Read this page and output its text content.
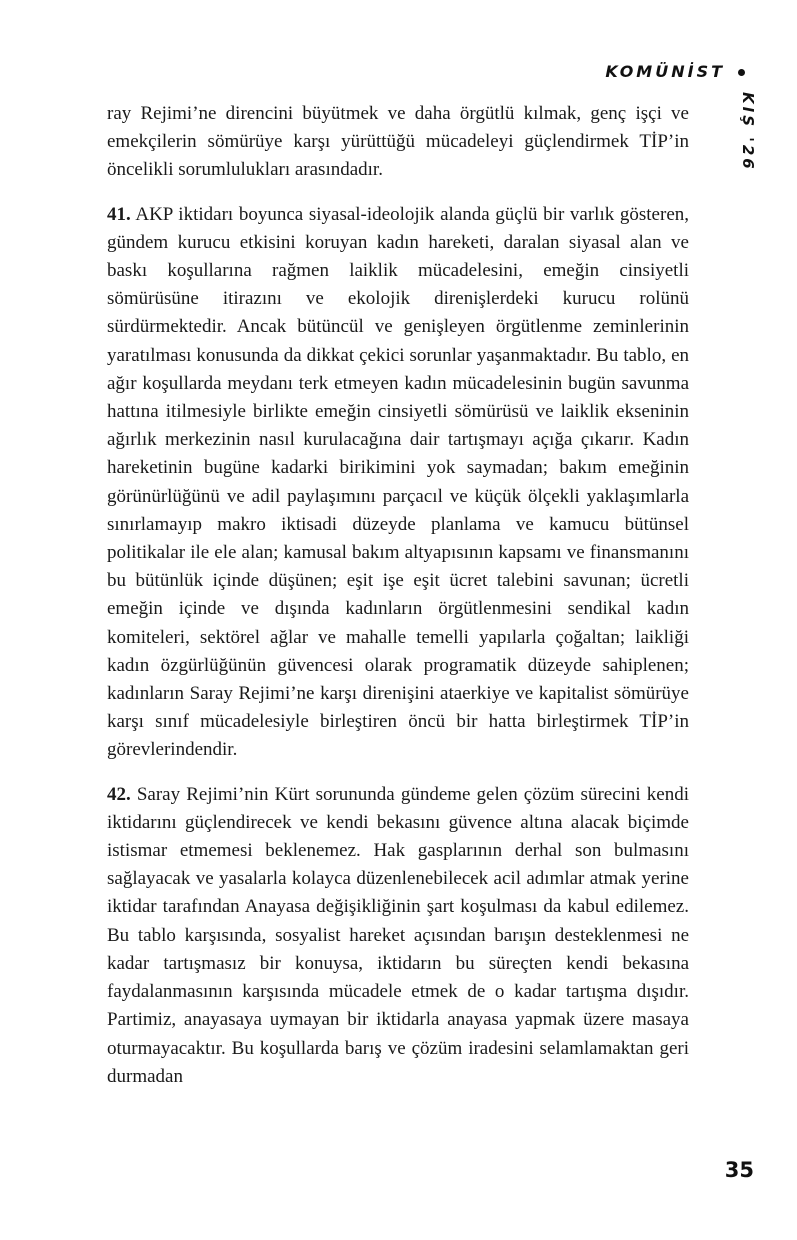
KOMÜNİST
KIŞ '26

ray Rejimi’ne direncini büyütmek ve daha örgütlü kılmak, genç işçi ve emekçilerin sömürüye karşı yürüttüğü mücadeleyi güçlendirmek TİP’in öncelikli sorumlulukları arasındadır.

41. AKP iktidarı boyunca siyasal-ideolojik alanda güçlü bir varlık gösteren, gündem kurucu etkisini koruyan kadın hareketi, daralan siyasal alan ve baskı koşullarına rağmen laiklik mücadelesini, emeğin cinsiyetli sömürüsüne itirazını ve ekolojik direnişlerdeki kurucu rolünü sürdürmektedir. Ancak bütüncül ve genişleyen örgütlenme zeminlerinin yaratılması konusunda da dikkat çekici sorunlar yaşanmaktadır. Bu tablo, en ağır koşullarda meydanı terk etmeyen kadın mücadelesinin bugün savunma hattına itilmesiyle birlikte emeğin cinsiyetli sömürüsü ve laiklik ekseninin ağırlık merkezinin nasıl kurulacağına dair tartışmayı açığa çıkarır. Kadın hareketinin bugüne kadarki birikimini yok saymadan; bakım emeğinin görünürlüğünü ve adil paylaşımını parçacıl ve küçük ölçekli yaklaşımlarla sınırlamayıp makro iktisadi düzeyde planlama ve kamucu bütünsel politikalar ile ele alan; kamusal bakım altyapısının kapsamı ve finansmanını bu bütünlük içinde düşünen; eşit işe eşit ücret talebini savunan; ücretli emeğin içinde ve dışında kadınların örgütlenmesini sendikal kadın komiteleri, sektörel ağlar ve mahalle temelli yapılarla çoğaltan; laikliği kadın özgürlüğünün güvencesi olarak programatik düzeyde sahiplenen; kadınların Saray Rejimi’ne karşı direnişini ataerkiye ve kapitalist sömürüye karşı sınıf mücadelesiyle birleştiren öncü bir hatta birleştirmek TİP’in görevlerindendir.

42. Saray Rejimi’nin Kürt sorununda gündeme gelen çözüm sürecini kendi iktidarını güçlendirecek ve kendi bekasını güvence altına alacak biçimde istismar etmemesi beklenemez. Hak gasplarının derhal son bulmasını sağlayacak ve yasalarla kolayca düzenlenebilecek acil adımlar atmak yerine iktidar tarafından Anayasa değişikliğinin şart koşulması da kabul edilemez. Bu tablo karşısında, sosyalist hareket açısından barışın desteklenmesi ne kadar tartışmasız bir konuysa, iktidarın bu süreçten kendi bekasına faydalanmasının karşısında mücadele etmek de o kadar tartışma dışıdır. Partimiz, anayasaya uymayan bir iktidarla anayasa yapmak üzere masaya oturmayacaktır. Bu koşullarda barış ve çözüm iradesini selamlamaktan geri durmadan

35
